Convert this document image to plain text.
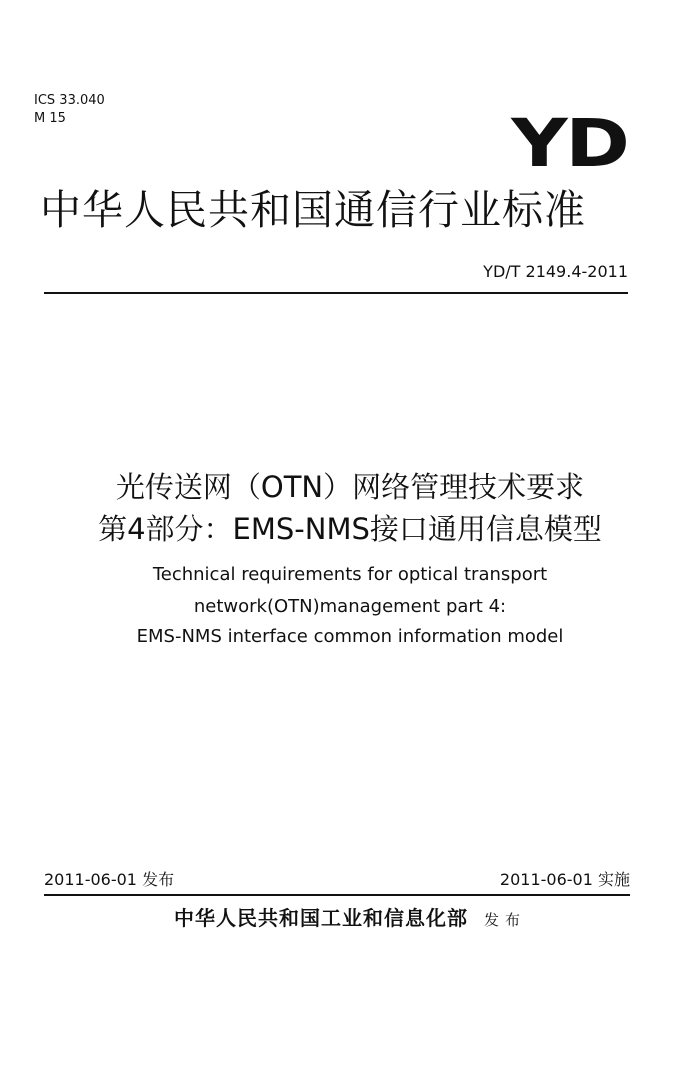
ICS 33.040
M 15	YD
中华人民共和国通信行业标准
YD/T 2149.4-2011
光传送网（OTN）网络管理技术要求
第4部分：EMS-NMS接口通用信息模型
Technical requirements for optical transport
network(OTN)management part 4:
EMS-NMS interface common information model
2011-06-01 发布	2011-06-01 实施
中华人民共和国工业和信息化部 发布
